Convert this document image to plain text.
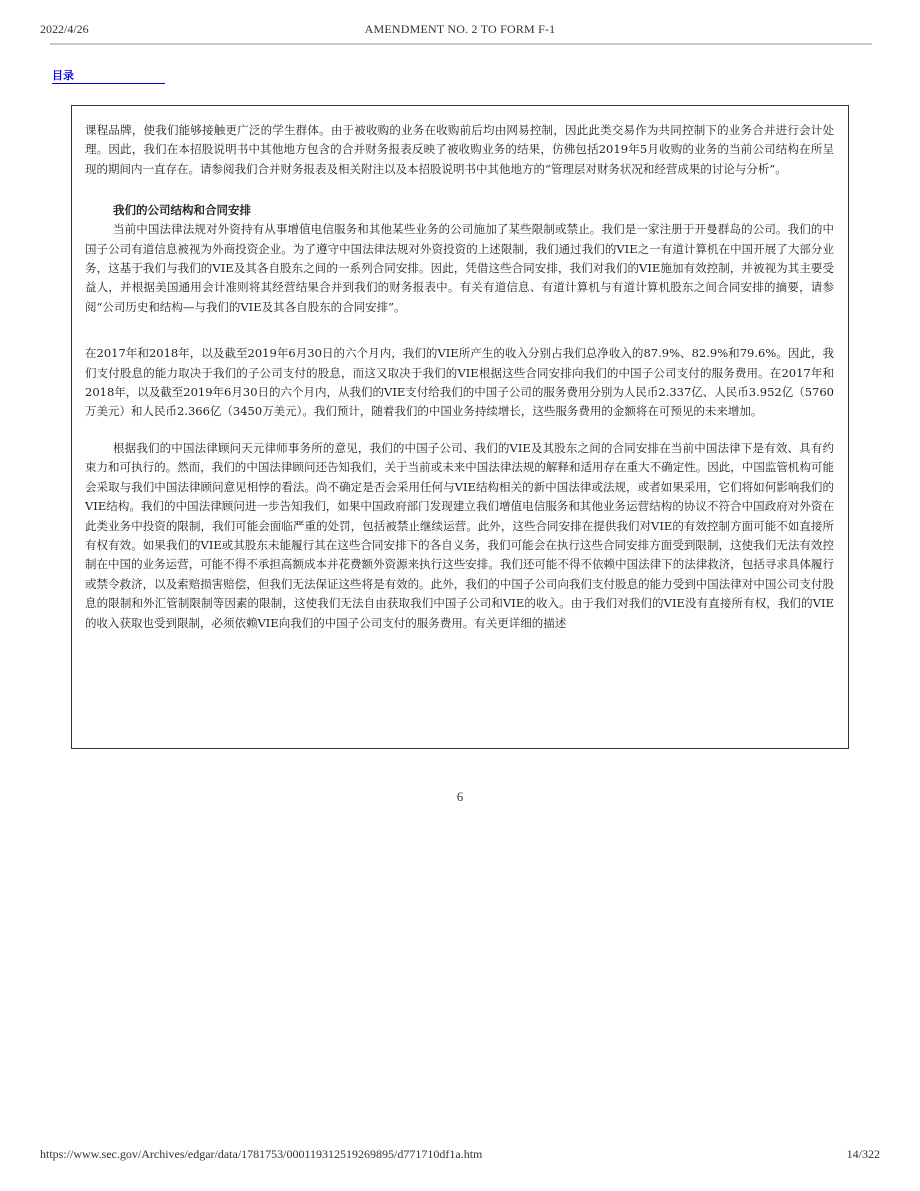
2022/4/26	AMENDMENT NO. 2 TO FORM F-1
目录

课程品牌，使我们能够接触更广泛的学生群体。由于被收购的业务在收购前后均由网易控制，因此此类交易作为共同控制下的业务合并进行会计处理。因此，我们在本招股说明书中其他地方包含的合并财务报表反映了被收购业务的结果，仿佛包括2019年5月收购的业务的当前公司结构在所呈现的期间内一直存在。请参阅我们合并财务报表及相关附注以及本招股说明书中其他地方的“管理层对财务状况和经营成果的讨论与分析”。

我们的公司结构和合同安排

当前中国法律法规对外资持有从事增值电信服务和其他某些业务的公司施加了某些限制或禁止。我们是一家注册于开曼群岛的公司。我们的中国子公司有道信息被视为外商投资企业。为了遵守中国法律法规对外资投资的上述限制，我们通过我们的VIE之一有道计算机在中国开展了大部分业务，这基于我们与我们的VIE及其各自股东之间的一系列合同安排。因此，凭借这些合同安排，我们对我们的VIE施加有效控制，并被视为其主要受益人，并根据美国通用会计准则将其经营结果合并到我们的财务报表中。有关有道信息、有道计算机与有道计算机股东之间合同安排的摘要，请参阅“公司历史和结构—与我们的VIE及其各自股东的合同安排”。

在2017年和2018年，以及截至2019年6月30日的六个月内，我们的VIE所产生的收入分别占我们总净收入的87.9%、82.9%和79.6%。因此，我们支付股息的能力取决于我们的子公司支付的股息，而这又取决于我们的VIE根据这些合同安排向我们的中国子公司支付的服务费用。在2017年和2018年，以及截至2019年6月30日的六个月内，从我们的VIE支付给我们的中国子公司的服务费用分别为人民币2.337亿、人民币3.952亿（5760万美元）和人民币2.366亿（3450万美元）。我们预计，随着我们的中国业务持续增长，这些服务费用的金额将在可预见的未来增加。

根据我们的中国法律顾问天元律师事务所的意见，我们的中国子公司、我们的VIE及其股东之间的合同安排在当前中国法律下是有效、具有约束力和可执行的。然而，我们的中国法律顾问还告知我们，关于当前或未来中国法律法规的解释和适用存在重大不确定性。因此，中国监管机构可能会采取与我们中国法律顾问意见相悖的看法。尚不确定是否会采用任何与VIE结构相关的新中国法律或法规，或者如果采用，它们将如何影响我们的VIE结构。我们的中国法律顾问进一步告知我们，如果中国政府部门发现建立我们增值电信服务和其他业务运营结构的协议不符合中国政府对外资在此类业务中投资的限制，我们可能会面临严重的处罚，包括被禁止继续运营。此外，这些合同安排在提供我们对VIE的有效控制方面可能不如直接所有权有效。如果我们的VIE或其股东未能履行其在这些合同安排下的各自义务，我们可能会在执行这些合同安排方面受到限制，这使我们无法有效控制在中国的业务运营，可能不得不承担高额成本并花费额外资源来执行这些安排。我们还可能不得不依赖中国法律下的法律救济，包括寻求具体履行或禁令救济，以及索赔损害赔偿，但我们无法保证这些将是有效的。此外，我们的中国子公司向我们支付股息的能力受到中国法律对中国公司支付股息的限制和外汇管制限制等因素的限制，这使我们无法自由获取我们中国子公司和VIE的收入。由于我们对我们的VIE没有直接所有权，我们的VIE的收入获取也受到限制，必须依赖VIE向我们的中国子公司支付的服务费用。有关更详细的描述

6
https://www.sec.gov/Archives/edgar/data/1781753/000119312519269895/d771710df1a.htm	14/322
